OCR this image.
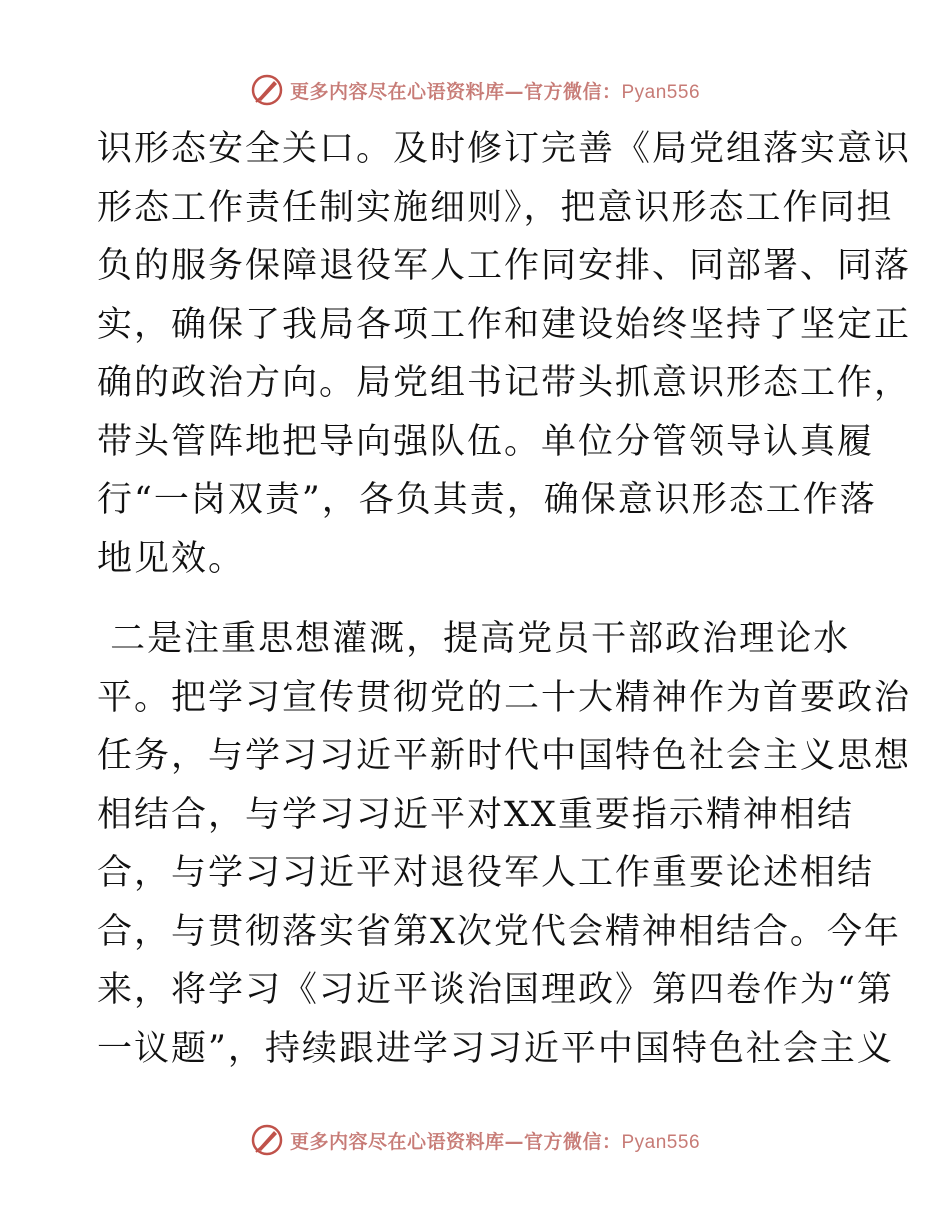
更多内容尽在心语资料库—官方微信：Pyan556
识形态安全关口。及时修订完善《局党组落实意识
形态工作责任制实施细则》，把意识形态工作同担
负的服务保障退役军人工作同安排、同部署、同落
实，确保了我局各项工作和建设始终坚持了坚定正
确的政治方向。局党组书记带头抓意识形态工作，
带头管阵地把导向强队伍。单位分管领导认真履
行“一岗双责”，各负其责，确保意识形态工作落
地见效。
二是注重思想灌溉，提高党员干部政治理论水
平。把学习宣传贯彻党的二十大精神作为首要政治
任务，与学习习近平新时代中国特色社会主义思想
相结合，与学习习近平对XX重要指示精神相结
合，与学习习近平对退役军人工作重要论述相结
合，与贯彻落实省第X次党代会精神相结合。今年
来，将学习《习近平谈治国理政》第四卷作为“第
一议题”，持续跟进学习习近平中国特色社会主义
更多内容尽在心语资料库—官方微信：Pyan556
